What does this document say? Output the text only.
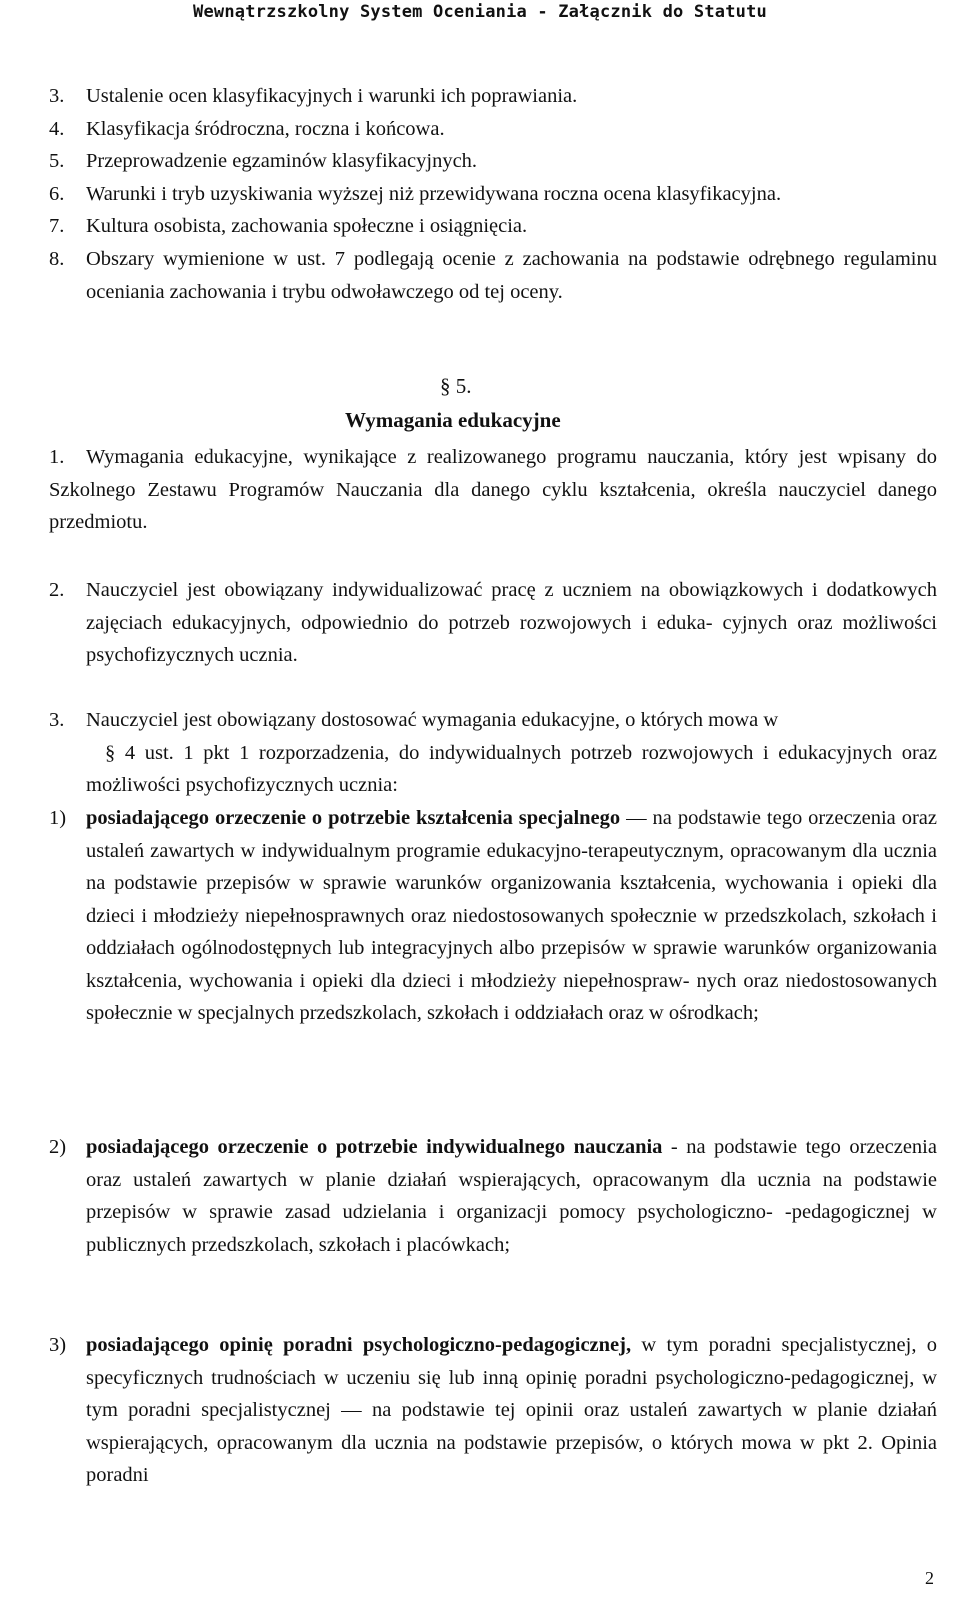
Wewnątrzszkolny System Oceniania - Załącznik do Statutu
3. Ustalenie ocen klasyfikacyjnych i warunki ich poprawiania.
4. Klasyfikacja śródroczna, roczna i końcowa.
5. Przeprowadzenie egzaminów klasyfikacyjnych.
6. Warunki i tryb uzyskiwania wyższej niż przewidywana roczna ocena klasyfikacyjna.
7. Kultura osobista, zachowania społeczne i osiągnięcia.
8. Obszary wymienione w ust. 7 podlegają ocenie z zachowania na podstawie odrębnego regulaminu oceniania zachowania i trybu odwoławczego od tej oceny.
§ 5.
Wymagania edukacyjne
1.	Wymagania edukacyjne, wynikające z realizowanego programu nauczania, który jest wpisany do Szkolnego Zestawu Programów Nauczania dla danego cyklu kształcenia, określa nauczyciel danego przedmiotu.
2. Nauczyciel jest obowiązany indywidualizować pracę z uczniem na obowiązkowych i dodatkowych zajęciach edukacyjnych, odpowiednio do potrzeb rozwojowych i eduka- cyjnych oraz możliwości psychofizycznych ucznia.
3. Nauczyciel jest obowiązany dostosować wymagania edukacyjne, o których mowa w
§ 4 ust. 1 pkt 1 rozporzadzenia, do indywidualnych potrzeb rozwojowych i edukacyjnych oraz możliwości psychofizycznych ucznia:
1) posiadającego orzeczenie o potrzebie kształcenia specjalnego — na podstawie tego orzeczenia oraz ustaleń zawartych w indywidualnym programie edukacyjno-terapeutycznym, opracowanym dla ucznia na podstawie przepisów w sprawie warunków organizowania kształcenia, wychowania i opieki dla dzieci i młodzieży niepełnosprawnych oraz niedostosowanych społecznie w przedszkolach, szkołach i oddziałach ogólnodostępnych lub integracyjnych albo przepisów w sprawie warunków organizowania kształcenia, wychowania i opieki dla dzieci i młodzieży niepełnospraw- nych oraz niedostosowanych społecznie w specjalnych przedszkolach, szkołach i oddziałach oraz w ośrodkach;
2) posiadającego orzeczenie o potrzebie indywidualnego nauczania - na podstawie tego orzeczenia oraz ustaleń zawartych w planie działań wspierających, opracowanym dla ucznia na podstawie przepisów w sprawie zasad udzielania i organizacji pomocy psychologiczno- -pedagogicznej w publicznych przedszkolach, szkołach i placówkach;
3) posiadającego opinię poradni psychologiczno-pedagogicznej, w tym poradni specjalistycznej, o specyficznych trudnościach w uczeniu się lub inną opinię poradni psychologiczno-pedagogicznej, w tym poradni specjalistycznej — na podstawie tej opinii oraz ustaleń zawartych w planie działań wspierających, opracowanym dla ucznia na podstawie przepisów, o których mowa w pkt 2. Opinia poradni
2
